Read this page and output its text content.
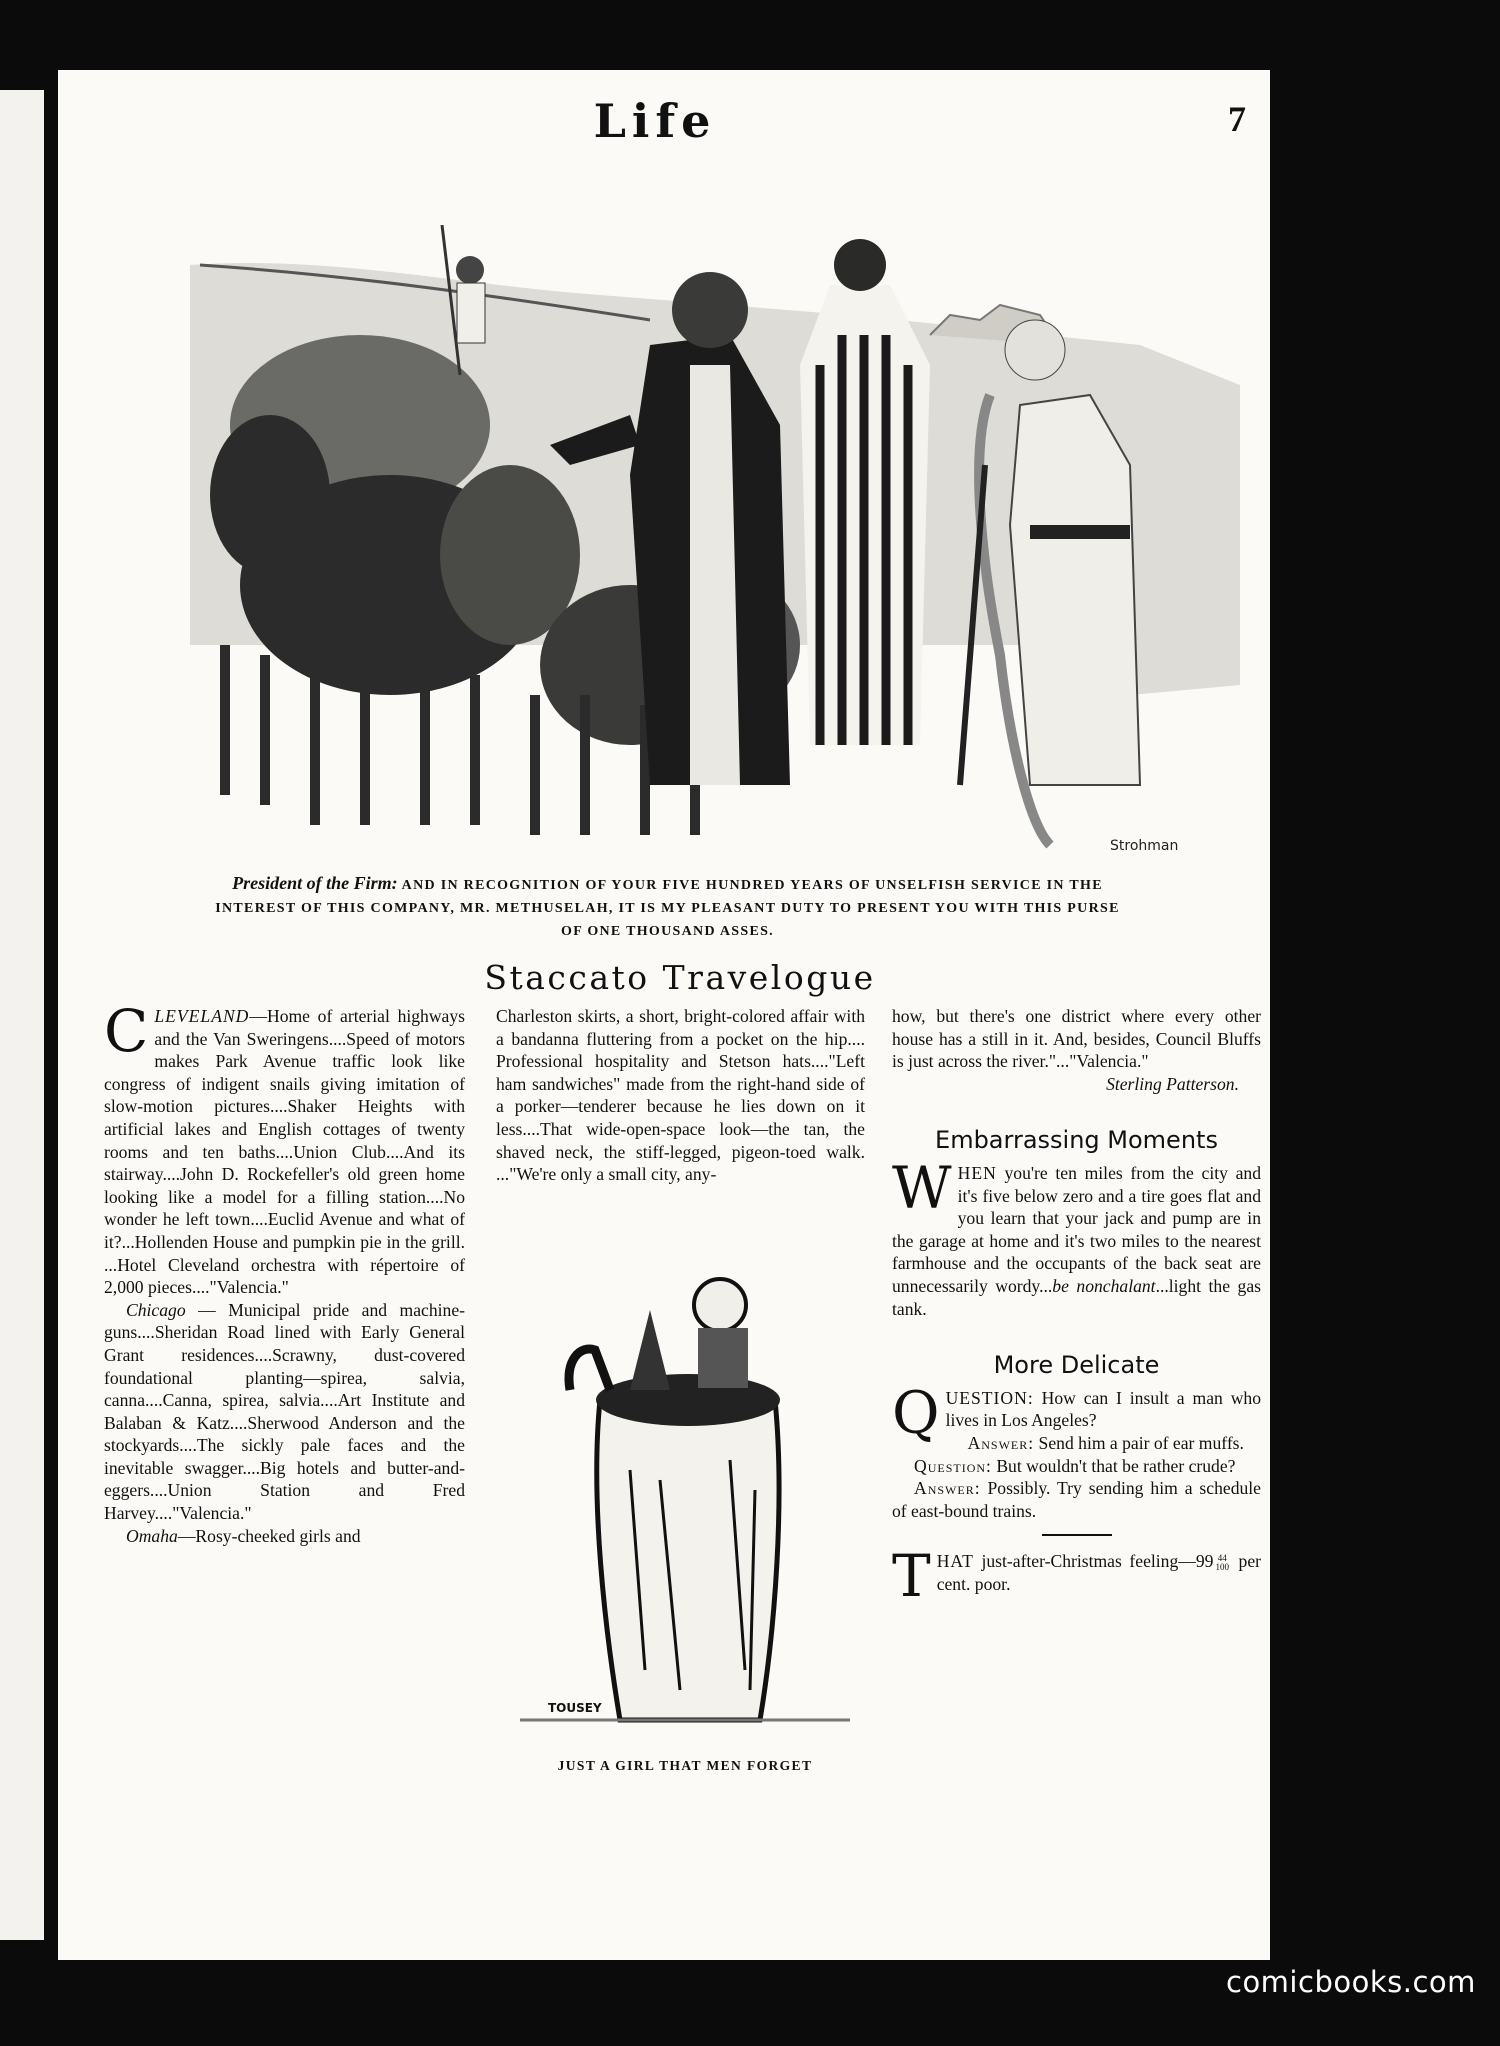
Life	7
Strohman
President of the Firm: AND IN RECOGNITION OF YOUR FIVE HUNDRED YEARS OF UNSELFISH SERVICE IN THE INTEREST OF THIS COMPANY, MR. METHUSELAH, IT IS MY PLEASANT DUTY TO PRESENT YOU WITH THIS PURSE OF ONE THOUSAND ASSES.
Staccato Travelogue

CLEVELAND—Home of arterial highways and the Van Sweringens....Speed of motors makes Park Avenue traffic look like congress of indigent snails giving imitation of slow-motion pictures....Shaker Heights with artificial lakes and English cottages of twenty rooms and ten baths....Union Club....And its stairway....John D. Rockefeller's old green home looking like a model for a filling station....No wonder he left town....Euclid Avenue and what of it?...Hollenden House and pumpkin pie in the grill. ...Hotel Cleveland orchestra with répertoire of 2,000 pieces...."Valencia."

Chicago — Municipal pride and machine-guns....Sheridan Road lined with Early General Grant residences....Scrawny, dust-covered foundational planting—spirea, salvia, canna....Canna, spirea, salvia....Art Institute and Balaban & Katz....Sherwood Anderson and the stockyards....The sickly pale faces and the inevitable swagger....Big hotels and butter-and-eggers....Union Station and Fred Harvey...."Valencia."

Omaha—Rosy-cheeked girls and

Charleston skirts, a short, bright-colored affair with a bandanna fluttering from a pocket on the hip.... Professional hospitality and Stetson hats...."Left ham sandwiches" made from the right-hand side of a porker—tenderer because he lies down on it less....That wide-open-space look—the tan, the shaved neck, the stiff-legged, pigeon-toed walk. ..."We're only a small city, any-

TOUSEY
JUST A GIRL THAT MEN FORGET

how, but there's one district where every other house has a still in it. And, besides, Council Bluffs is just across the river."..."Valencia."

Sterling Patterson.

Embarrassing Moments

WHEN you're ten miles from the city and it's five below zero and a tire goes flat and you learn that your jack and pump are in the garage at home and it's two miles to the nearest farmhouse and the occupants of the back seat are unnecessarily wordy...be nonchalant...light the gas tank.

More Delicate

QUESTION: How can I insult a man who lives in Los Angeles?

Answer: Send him a pair of ear muffs.

Question: But wouldn't that be rather crude?

Answer: Possibly. Try sending him a schedule of east-bound trains.

THAT just-after-Christmas feeling—99 44
100 per cent. poor.

comicbooks.com
